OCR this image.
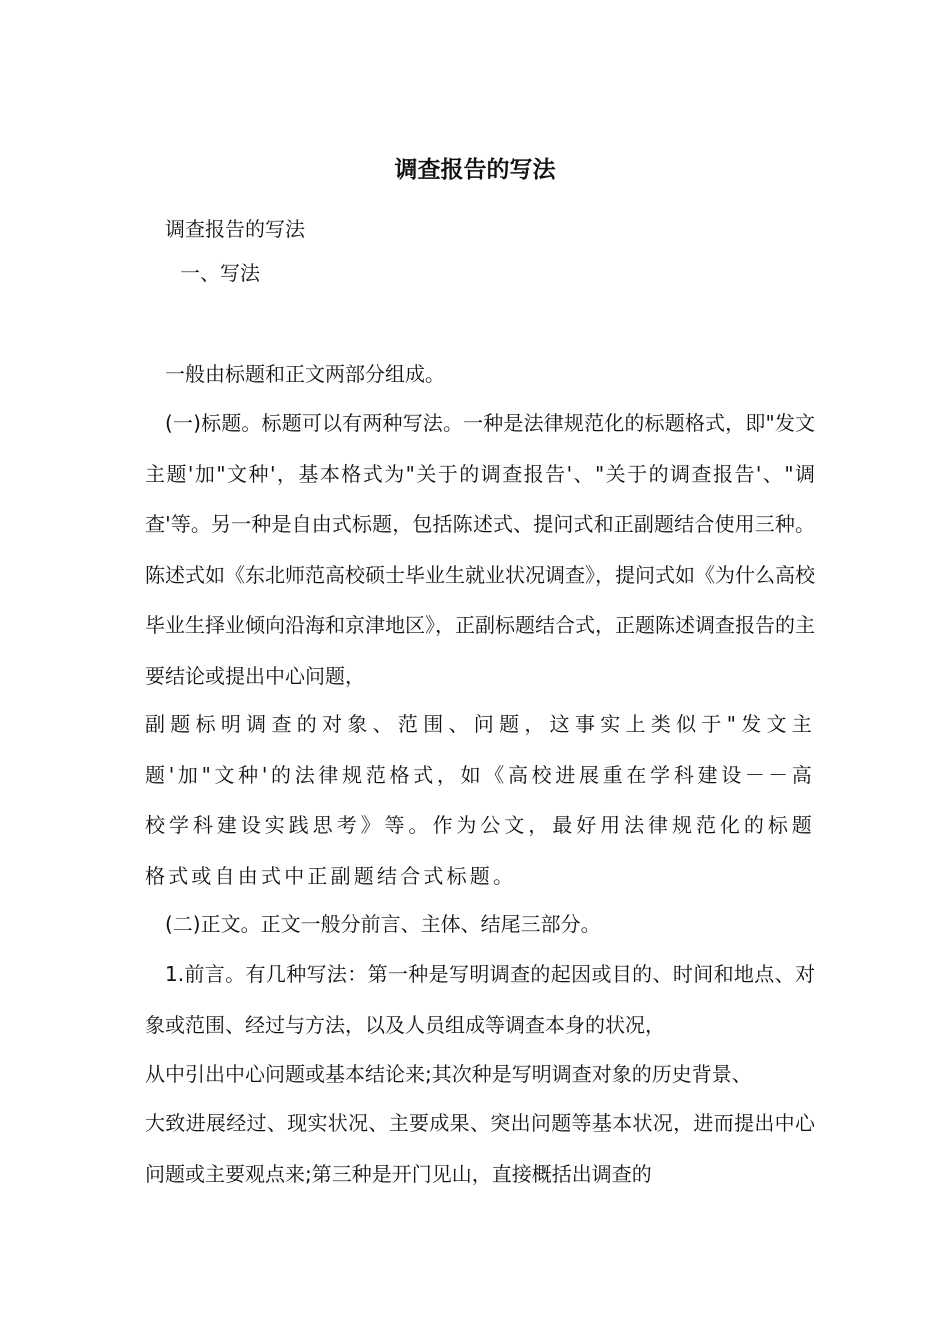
调查报告的写法

调查报告的写法

一、写法

一般由标题和正文两部分组成。

(一)标题。标题可以有两种写法。一种是法律规范化的标题格式，即"发文主题'加"文种'，基本格式为"关于的调查报告'、"关于的调查报告'、"调查'等。另一种是自由式标题，包括陈述式、提问式和正副题结合使用三种。陈述式如《东北师范高校硕士毕业生就业状况调查》，提问式如《为什么高校毕业生择业倾向沿海和京津地区》，正副标题结合式，正题陈述调查报告的主要结论或提出中心问题，

副题标明调查的对象、范围、问题，这事实上类似于"发文主题'加"文种'的法律规范格式，如《高校进展重在学科建设－－高校学科建设实践思考》等。作为公文，最好用法律规范化的标题格式或自由式中正副题结合式标题。

(二)正文。正文一般分前言、主体、结尾三部分。

1.前言。有几种写法：第一种是写明调查的起因或目的、时间和地点、对象或范围、经过与方法，以及人员组成等调查本身的状况，

从中引出中心问题或基本结论来;其次种是写明调查对象的历史背景、

大致进展经过、现实状况、主要成果、突出问题等基本状况，进而提出中心问题或主要观点来;第三种是开门见山，直接概括出调查的
